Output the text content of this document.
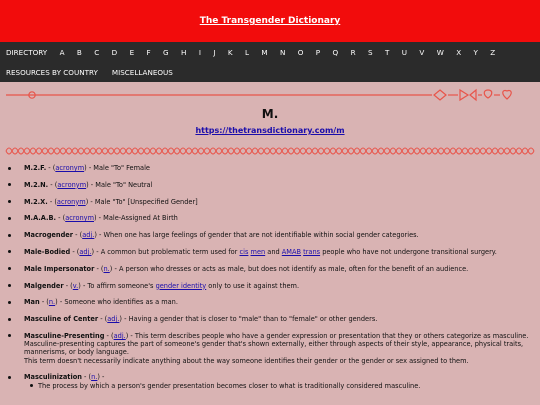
The Transgender Dictionary
DIRECTORY A B C D E F G H I J K L M N O P Q R S T U V W X Y Z
RESOURCES BY COUNTRY MISCELLANEOUS
M.
https://thetransdictionary.com/m
M.2.F. - (acronym) - Male "To" Female
M.2.N. - (acronym) - Male "To" Neutral
M.2.X. - (acronym) - Male "To" [Unspecified Gender]
M.A.A.B. - (acronym) - Male-Assigned At Birth
Macrogender - (adj.) - When one has large feelings of gender that are not identifiable within social gender categories.
Male-Bodied - (adj.) - A common but problematic term used for cis men and AMAB trans people who have not undergone transitional surgery.
Male Impersonator - (n.) - A person who dresses or acts as male, but does not identify as male, often for the benefit of an audience.
Malgender - (v.) - To affirm someone's gender identity only to use it against them.
Man - (n.) - Someone who identifies as a man.
Masculine of Center - (adj.) - Having a gender that is closer to "male" than to "female" or other genders.
Masculine-Presenting - (adj.) - This term describes people who have a gender expression or presentation that they or others categorize as masculine.
Masculine-presenting captures the part of someone's gender that's shown externally, either through aspects of their style, appearance, physical traits, mannerisms, or body language.
This term doesn't necessarily indicate anything about the way someone identifies their gender or the gender or sex assigned to them.
Masculinization - (n.) -
The process by which a person's gender presentation becomes closer to what is traditionally considered masculine.
